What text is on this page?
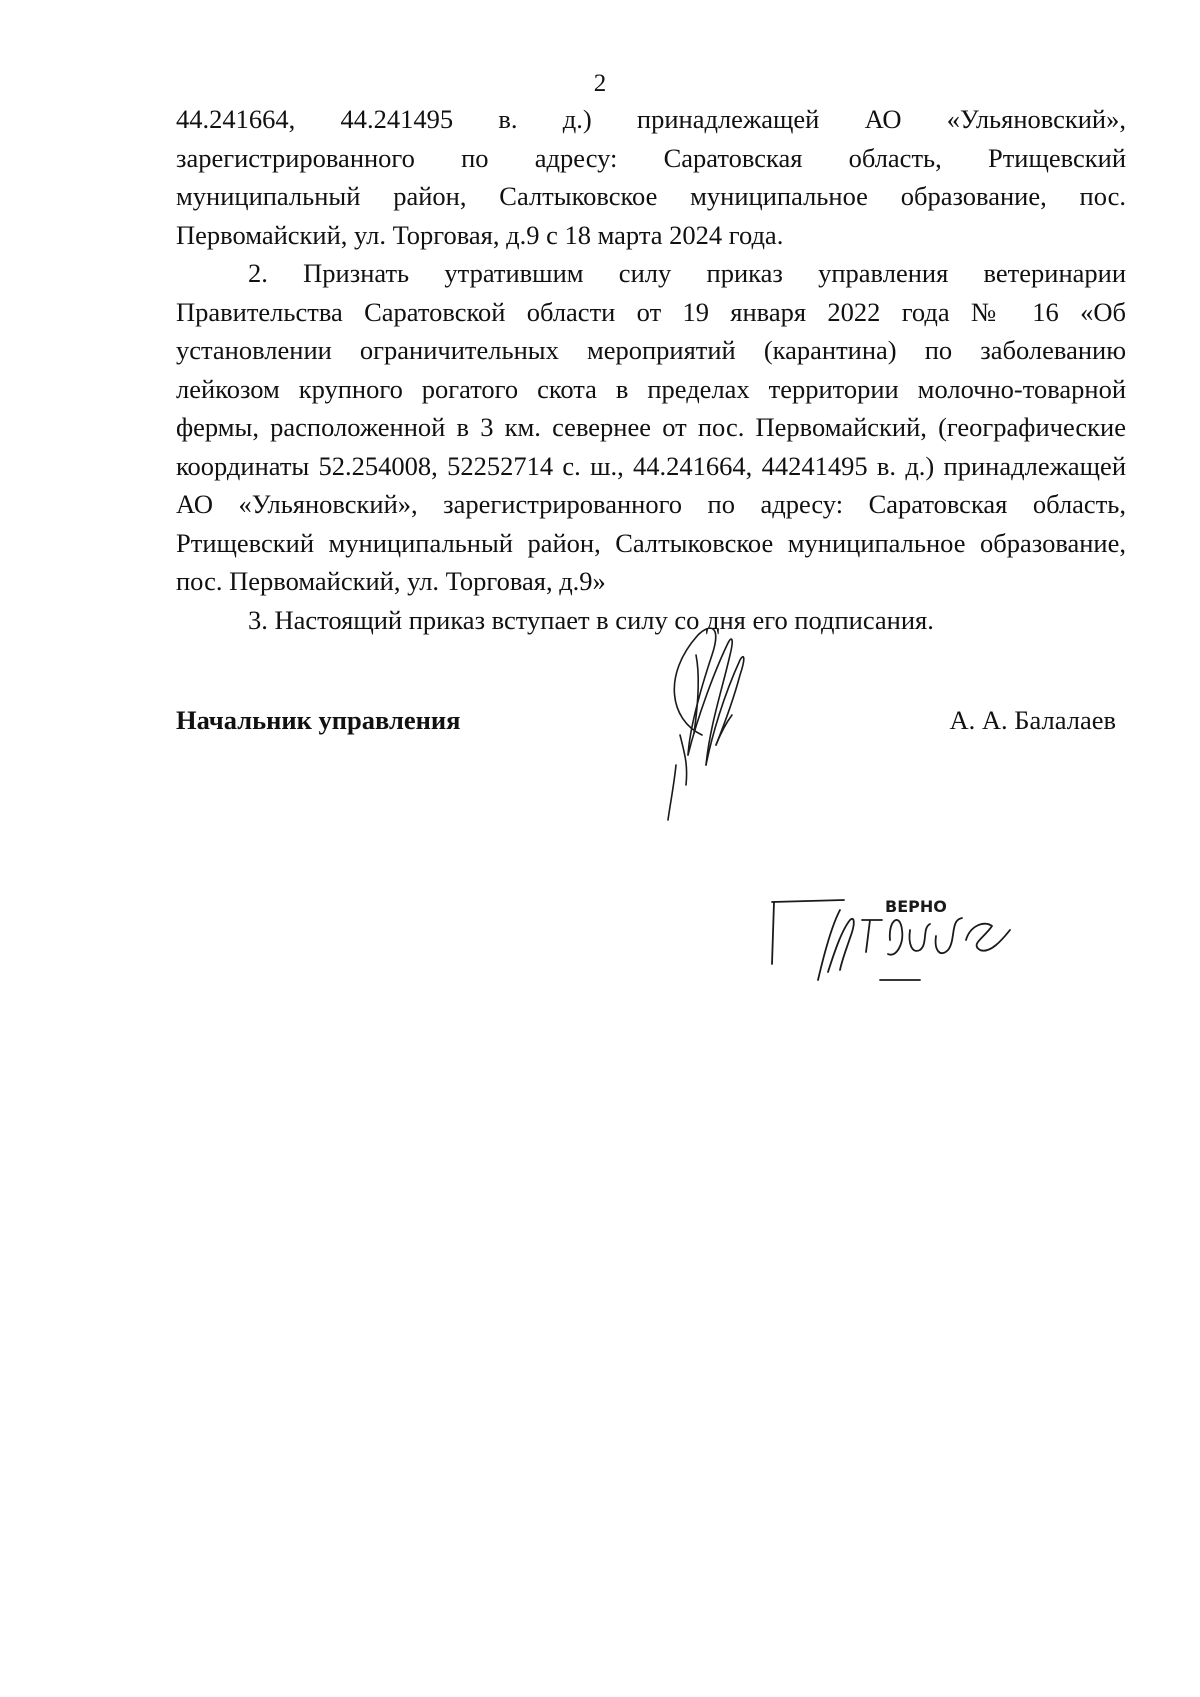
2

44.241664, 44.241495 в. д.) принадлежащей АО «Ульяновский»,

зарегистрированного по адресу: Саратовская область, Ртищевский

муниципальный район, Салтыковское муниципальное образование, пос.

Первомайский, ул. Торговая, д.9 с 18 марта 2024 года.

2. Признать утратившим силу приказ управления ветеринарии Правительства Саратовской области от 19 января 2022 года № 16 «Об установлении ограничительных мероприятий (карантина) по заболеванию лейкозом крупного рогатого скота в пределах территории молочно-товарной фермы, расположенной в 3 км. севернее от пос. Первомайский, (географические координаты 52.254008, 52252714 с. ш., 44.241664, 44241495 в. д.) принадлежащей АО «Ульяновский», зарегистрированного по адресу: Саратовская область, Ртищевский муниципальный район, Салтыковское муниципальное образование, пос. Первомайский, ул. Торговая, д.9»

3. Настоящий приказ вступает в силу со дня его подписания.

Начальник управления	А. А. Балалаев
ВЕРНО
